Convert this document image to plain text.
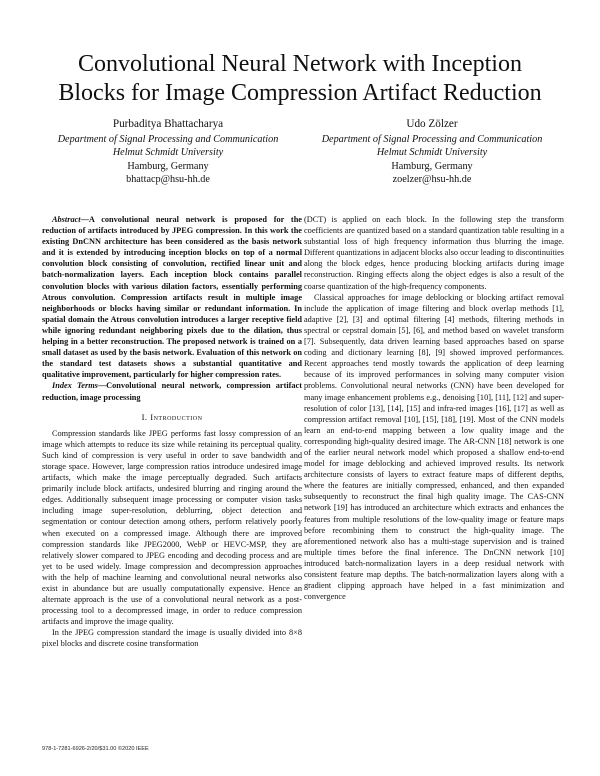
Convolutional Neural Network with Inception
Blocks for Image Compression Artifact Reduction
Purbaditya Bhattacharya
Department of Signal Processing and Communication
Helmut Schmidt University
Hamburg, Germany
bhattacp@hsu-hh.de
Udo Zölzer
Department of Signal Processing and Communication
Helmut Schmidt University
Hamburg, Germany
zoelzer@hsu-hh.de

Abstract—A convolutional neural network is proposed for the reduction of artifacts introduced by JPEG compression. In this work the existing DnCNN architecture has been considered as the basis network and it is extended by introducing inception blocks on top of a normal convolution block consisting of convolution, rectified linear unit and batch-normalization layers. Each inception block contains parallel convolution blocks with various dilation factors, essentially performing Atrous convolution. Compression artifacts result in multiple image neighborhoods or blocks having similar or redundant information. In spatial domain the Atrous convolution introduces a larger receptive field while ignoring redundant neighboring pixels due to the dilation, thus helping in a better reconstruction. The proposed network is trained on a small dataset as used by the basis network. Evaluation of this network on the standard test datasets shows a substantial quantitative and qualitative improvement, particularly for higher compression rates.

Index Terms—Convolutional neural network, compression artifact reduction, image processing

I. Introduction

Compression standards like JPEG performs fast lossy compression of an image which attempts to reduce its size while retaining its perceptual quality. Such kind of compression is very useful in order to save bandwidth and storage space. However, large compression ratios introduce undesired image artifacts, which make the image perceptually degraded. Such artifacts primarily include block artifacts, undesired blurring and ringing around the edges. Additionally subsequent image processing or computer vision tasks including image super-resolution, deblurring, object detection and segmentation or contour detection among others, perform relatively poorly when executed on a compressed image. Although there are improved compression standards like JPEG2000, WebP or HEVC-MSP, they are relatively slower compared to JPEG encoding and decoding process and are yet to be used widely. Image compression and decompression approaches with the help of machine learning and convolutional neural networks also exist in abundance but are usually computationally expensive. Hence an alternate approach is the use of a convolutional neural network as a post-processing tool to a decompressed image, in order to reduce compression artifacts and improve the image quality.

In the JPEG compression standard the image is usually divided into 8×8 pixel blocks and discrete cosine transformation

(DCT) is applied on each block. In the following step the transform coefficients are quantized based on a standard quantization table resulting in a substantial loss of high frequency information thus blurring the image. Different quantizations in adjacent blocks also occur leading to discontinuities along the block edges, hence producing blocking artifacts during image reconstruction. Ringing effects along the object edges is also a result of the coarse quantization of the high-frequency components.

Classical approaches for image deblocking or blocking artifact removal include the application of image filtering and block overlap methods [1], adaptive [2], [3] and optimal filtering [4] methods, filtering methods in spectral or cepstral domain [5], [6], and method based on wavelet transform [7]. Subsequently, data driven learning based approaches based on sparse coding and dictionary learning [8], [9] showed improved performances. Recent approaches tend mostly towards the application of deep learning because of its improved performances in solving many computer vision problems. Convolutional neural networks (CNN) have been developed for many image enhancement problems e.g., denoising [10], [11], [12] and super-resolution of color [13], [14], [15] and infra-red images [16], [17] as well as compression artifact removal [10], [15], [18], [19]. Most of the CNN models learn an end-to-end mapping between a low quality image and the corresponding high-quality desired image. The AR-CNN [18] network is one of the earlier neural network model which proposed a shallow end-to-end model for image deblocking and achieved improved results. Its network architecture consists of layers to extract feature maps of different depths, where the features are initially compressed, enhanced, and then expanded subsequently to reconstruct the final high quality image. The CAS-CNN network [19] has introduced an architecture which extracts and enhances the features from multiple resolutions of the low-quality image or feature maps before recombining them to construct the high-quality image. The aforementioned network also has a multi-stage supervision and is trained multiple times before the final inference. The DnCNN network [10] introduced batch-normalization layers in a deep residual network with consistent feature map depths. The batch-normalization layers along with a gradient clipping approach have helped in a fast minimization and convergence

978-1-7281-6926-2/20/$31.00 ©2020 IEEE
